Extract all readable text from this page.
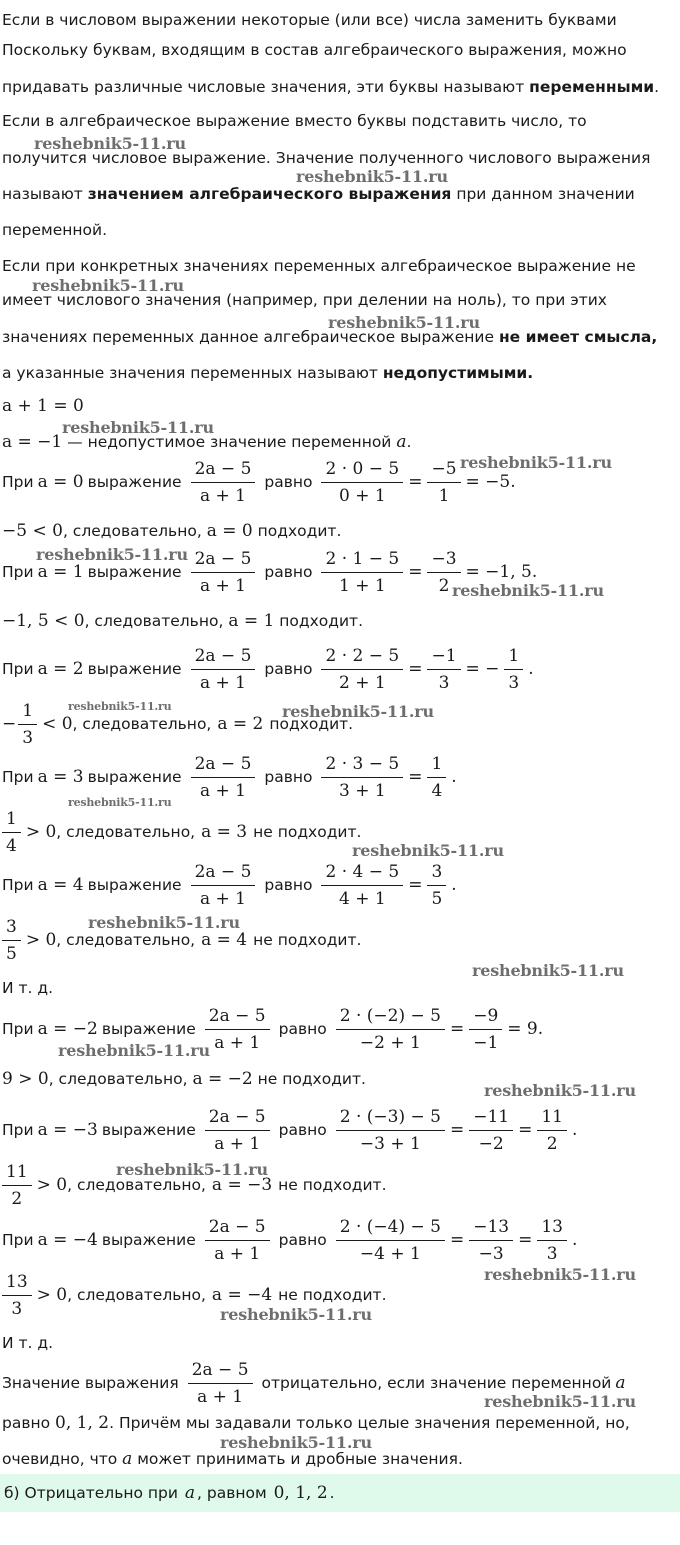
Если в числовом выражении некоторые (или все) числа заменить буквами
Поскольку буквам, входящим в состав алгебраического выражения, можно
придавать различные числовые значения, эти буквы называют переменными.
Если в алгебраическое выражение вместо буквы подставить число, то
получится числовое выражение. Значение полученного числового выражения
называют значением алгебраического выражения при данном значении
переменной.
Если при конкретных значениях переменных алгебраическое выражение не
имеет числового значения (например, при делении на ноль), то при этих
значениях переменных данное алгебраическое выражение не имеет смысла,
а указанные значения переменных называют недопустимыми.
a + 1 = 0
a = −1 — недопустимое значение переменной a.
При a = 0 выражение $\frac{2a - 5}{a + 1}$ равно $\frac{2 \cdot 0 - 5}{0 + 1} = \frac{-5}{1} = -5$.
−5 < 0, следовательно, a = 0 подходит.
При a = 1 выражение $\frac{2a - 5}{a + 1}$ равно $\frac{2 \cdot 1 - 5}{1 + 1} = \frac{-3}{2} = -1$, 5.
−1, 5 < 0, следовательно, a = 1 подходит.
При a = 2 выражение $\frac{2a - 5}{a + 1}$ равно $\frac{2 \cdot 2 - 5}{2 + 1} = \frac{-1}{3}$ = − $\frac{1}{3}$ .
− $\frac{1}{3} < 0$ , следовательно, a = 2 подходит.
При a = 3 выражение $\frac{2a - 5}{a + 1}$ равно $\frac{2 \cdot 3 - 5}{3 + 1} = \frac{1}{4}$ .
$\frac{1}{4} > 0$ , следовательно, a = 3 не подходит.
При a = 4 выражение $\frac{2a - 5}{a + 1}$ равно $\frac{2 \cdot 4 - 5}{4 + 1} = \frac{3}{5}$ .
$\frac{3}{5} > 0$ , следовательно, a = 4 не подходит.
И т. д.
При a = −2 выражение $\frac{2a - 5}{a + 1}$ равно $\frac{2 \cdot (-2) - 5}{-2 + 1} = \frac{-9}{-1} = 9$.
9 > 0, следовательно, a = −2 не подходит.
При a = −3 выражение $\frac{2a - 5}{a + 1}$ равно $\frac{2 \cdot (-3) - 5}{-3 + 1} = \frac{-11}{-2} = \frac{11}{2}$ .
$\frac{11}{2} > 0$ , следовательно, a = −3 не подходит.
При a = −4 выражение $\frac{2a - 5}{a + 1}$ равно $\frac{2 \cdot (-4) - 5}{-4 + 1} = \frac{-13}{-3} = \frac{13}{3}$ .
$\frac{13}{3} > 0$ , следовательно, a = −4 не подходит.
И т. д.
Значение выражения $\frac{2a - 5}{a + 1}$ отрицательно, если значение переменной a
равно 0, 1, 2. Причём мы задавали только целые значения переменной, но,
очевидно, что a может принимать и дробные значения.
б) Отрицательно при a , равном 0, 1, 2 .
reshebnik5-11.ru
reshebnik5-11.ru
reshebnik5-11.ru
reshebnik5-11.ru
reshebnik5-11.ru
reshebnik5-11.ru
reshebnik5-11.ru
reshebnik5-11.ru
reshebnik5-11.ru	reshebnik5-11.ru
reshebnik5-11.ru
reshebnik5-11.ru
reshebnik5-11.ru
reshebnik5-11.ru
reshebnik5-11.ru
reshebnik5-11.ru
reshebnik5-11.ru
reshebnik5-11.ru
reshebnik5-11.ru
reshebnik5-11.ru
reshebnik5-11.ru
